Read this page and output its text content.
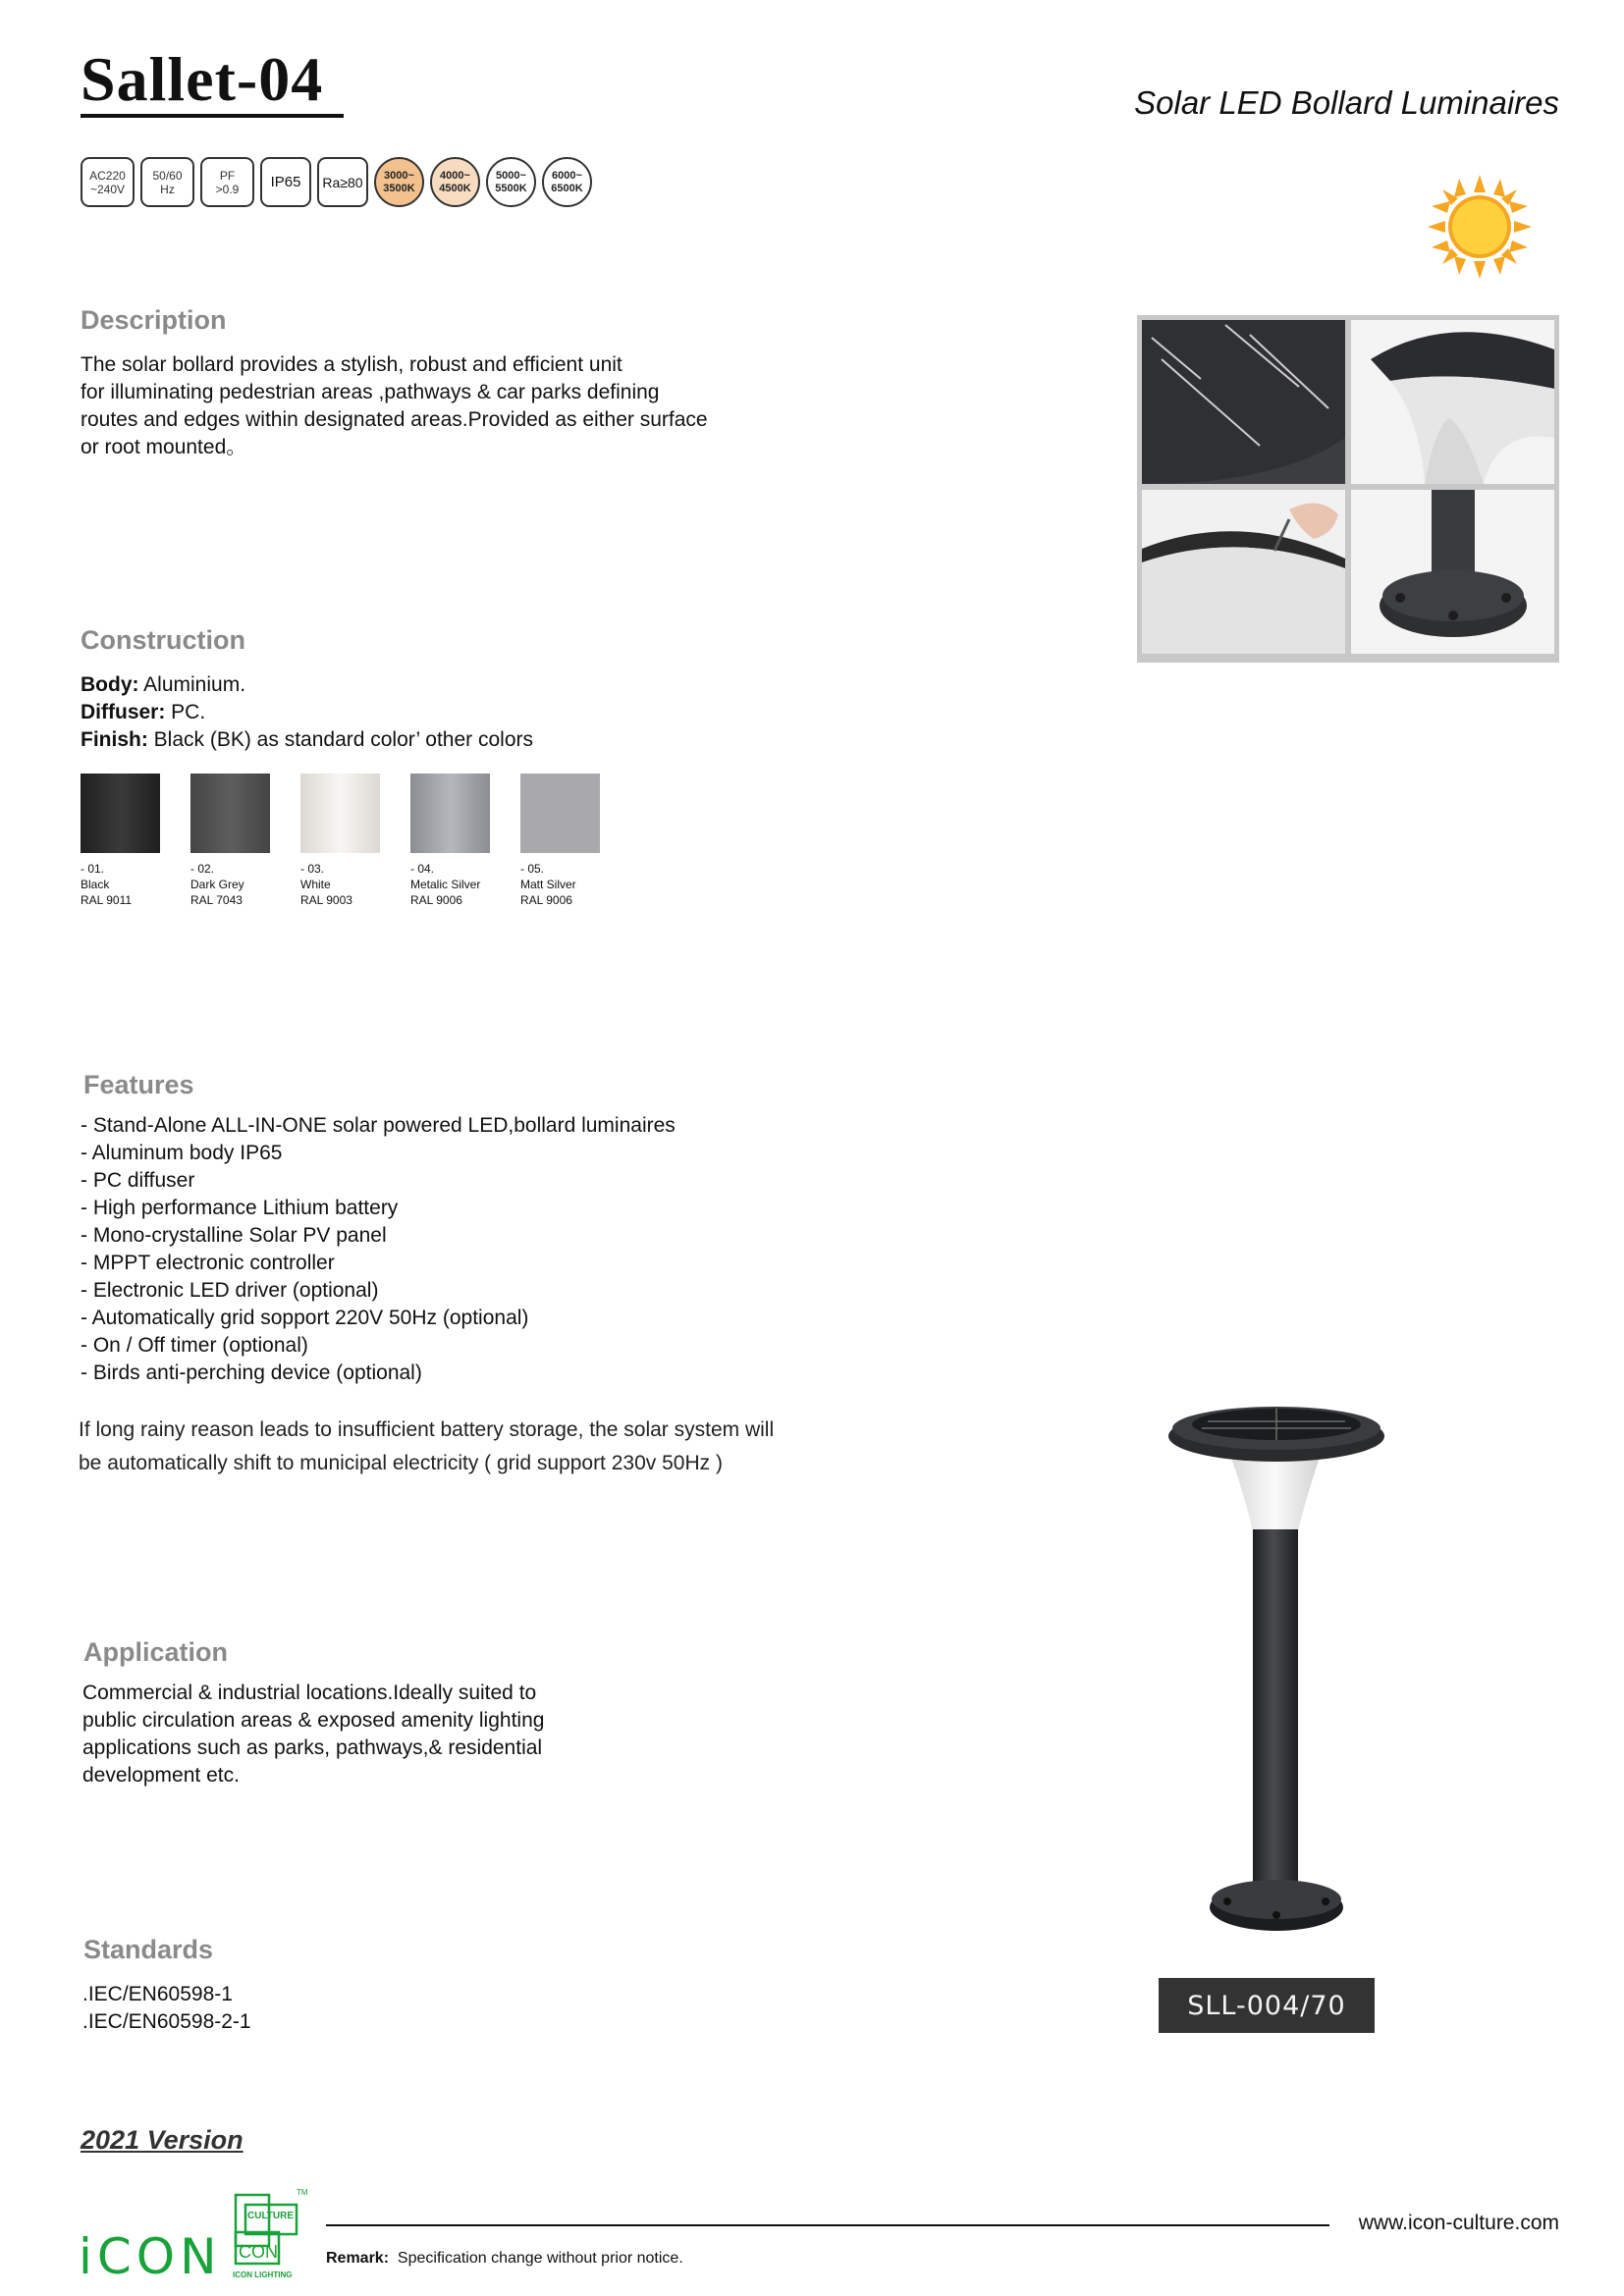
Sallet-04	Solar LED Bollard Luminaires
AC220
~240V
50/60
Hz
PF
>0.9 IP65 Ra≥80 3000~
3500K
4000~
4500K
5000~
5500K
6000~
6500K
Description
The solar bollard provides a stylish, robust and efficient unit
for illuminating pedestrian areas ,pathways & car parks defining
routes and edges within designated areas.Provided as either surface
or root mounted。
Construction
Body: Aluminium.
Diffuser: PC.
Finish: Black (BK) as standard color’ other colors
- 01.
Black
RAL 9011
- 02.
Dark Grey
RAL 7043
- 03.
White
RAL 9003
- 04.
Metalic Silver
RAL 9006
- 05.
Matt Silver
RAL 9006
Features
- Stand-Alone ALL-IN-ONE solar powered LED,bollard luminaires
- Aluminum body IP65
- PC diffuser
- High performance Lithium battery
- Mono-crystalline Solar PV panel
- MPPT electronic controller
- Electronic LED driver (optional)
- Automatically grid sopport 220V 50Hz (optional)
- On / Off timer (optional)
- Birds anti-perching device (optional)
If long rainy reason leads to insufficient battery storage, the solar system will
be automatically shift to municipal electricity ( grid support 230v 50Hz )
Application
Commercial & industrial locations.Ideally suited to
public circulation areas & exposed amenity lighting
applications such as parks, pathways,& residential
development etc.
Standards
.IEC/EN60598-1
.IEC/EN60598-2-1
SLL-004/70
2021 Version
iCON
TM
CULTURE
CON
ICON LIGHTING
www.icon-culture.com
Remark: Specification change without prior notice.
